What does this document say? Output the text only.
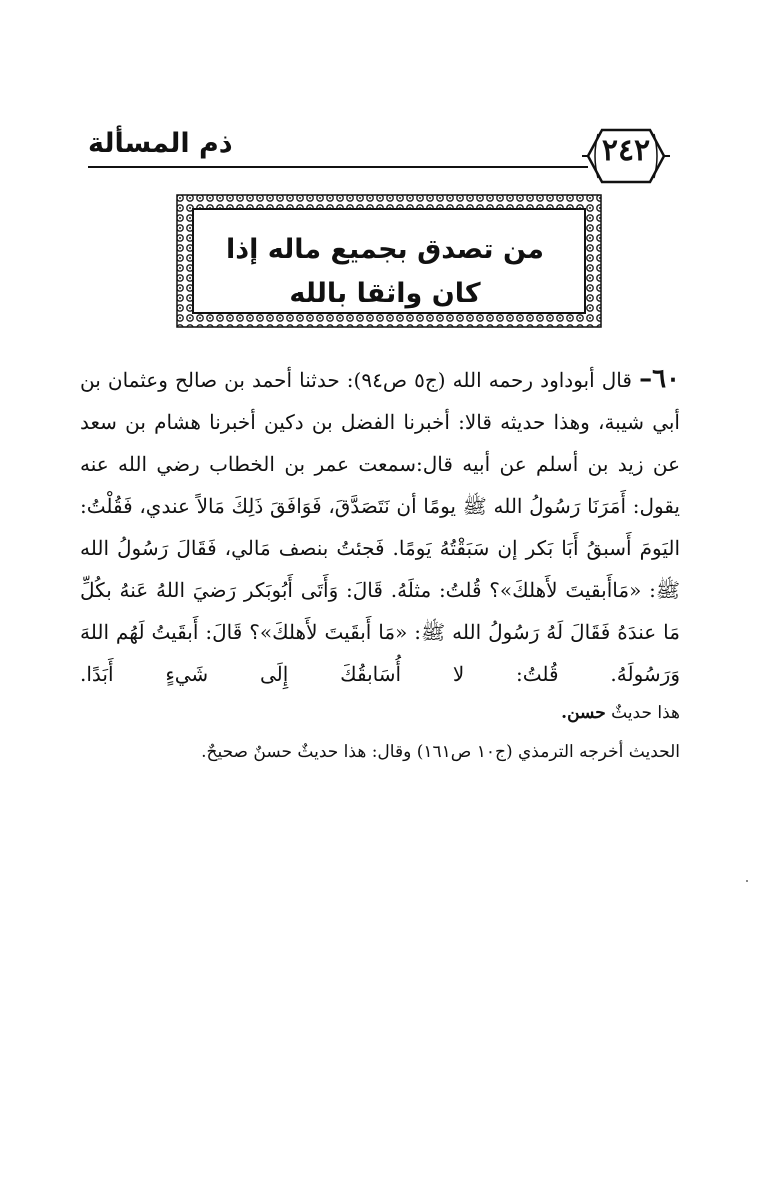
ذم المسألة	٢٤٢
من تصدق بجميع ماله إذا كان واثقا بالله
٦٠– قال أبوداود رحمه الله (ج٥ ص٩٤): حدثنا أحمد بن صالح وعثمان بن أبي شيبة، وهذا حديثه قالا: أخبرنا الفضل بن دكين أخبرنا هشام بن سعد عن زيد بن أسلم عن أبيه قال:سمعت عمر بن الخطاب رضي الله عنه يقول: أَمَرَنَا رَسُولُ الله ﷺ يومًا أن نَتَصَدَّقَ، فَوَافَقَ ذَلِكَ مَالاً عندي، فَقُلْتُ: اليَومَ أَسبقُ أَبَا بَكر إن سَبَقْتُهُ يَومًا. فَجئتُ بنصف مَالي، فَقَالَ رَسُولُ الله ﷺ: «مَاأَبقيتَ لأَهلكَ»؟ قُلتُ: مثلَهُ. قَالَ: وَأَتَى أَبُوبَكر رَضيَ اللهُ عَنهُ بكُلِّ مَا عندَهُ فَقَالَ لَهُ رَسُولُ الله ﷺ: «مَا أَبقَيتَ لأَهلكَ»؟ قَالَ: أَبقَيتُ لَهُم اللهَ وَرَسُولَهُ. قُلتُ: لا أُسَابقُكَ إِلَى شَيءٍ أَبَدًا.
هذا حديثٌ حسن.
الحديث أخرجه الترمذي (ج١٠ ص١٦١) وقال: هذا حديثٌ حسنٌ صحيحٌ.
